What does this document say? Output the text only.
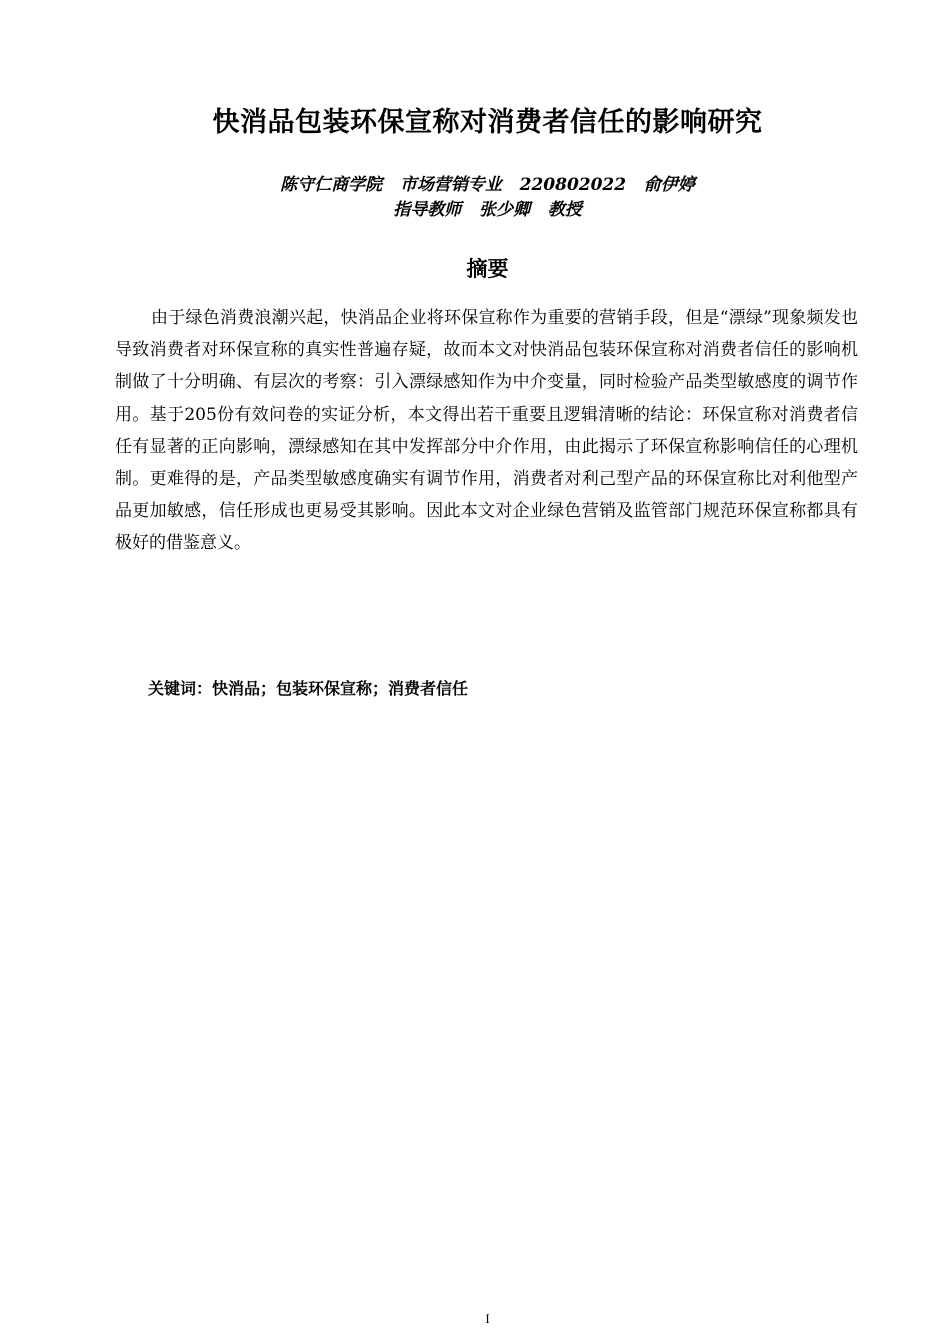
快消品包装环保宣称对消费者信任的影响研究
陈守仁商学院   市场营销专业   220802022   俞伊婷
指导教师   张少卿   教授
摘要

由于绿色消费浪潮兴起，快消品企业将环保宣称作为重要的营销手段，但是“漂绿”现象频发也导致消费者对环保宣称的真实性普遍存疑，故而本文对快消品包装环保宣称对消费者信任的影响机制做了十分明确、有层次的考察：引入漂绿感知作为中介变量，同时检验产品类型敏感度的调节作用。基于205份有效问卷的实证分析，本文得出若干重要且逻辑清晰的结论：环保宣称对消费者信任有显著的正向影响，漂绿感知在其中发挥部分中介作用，由此揭示了环保宣称影响信任的心理机制。更难得的是，产品类型敏感度确实有调节作用，消费者对利己型产品的环保宣称比对利他型产品更加敏感，信任形成也更易受其影响。因此本文对企业绿色营销及监管部门规范环保宣称都具有极好的借鉴意义。

关键词：快消品；包装环保宣称；消费者信任
I
